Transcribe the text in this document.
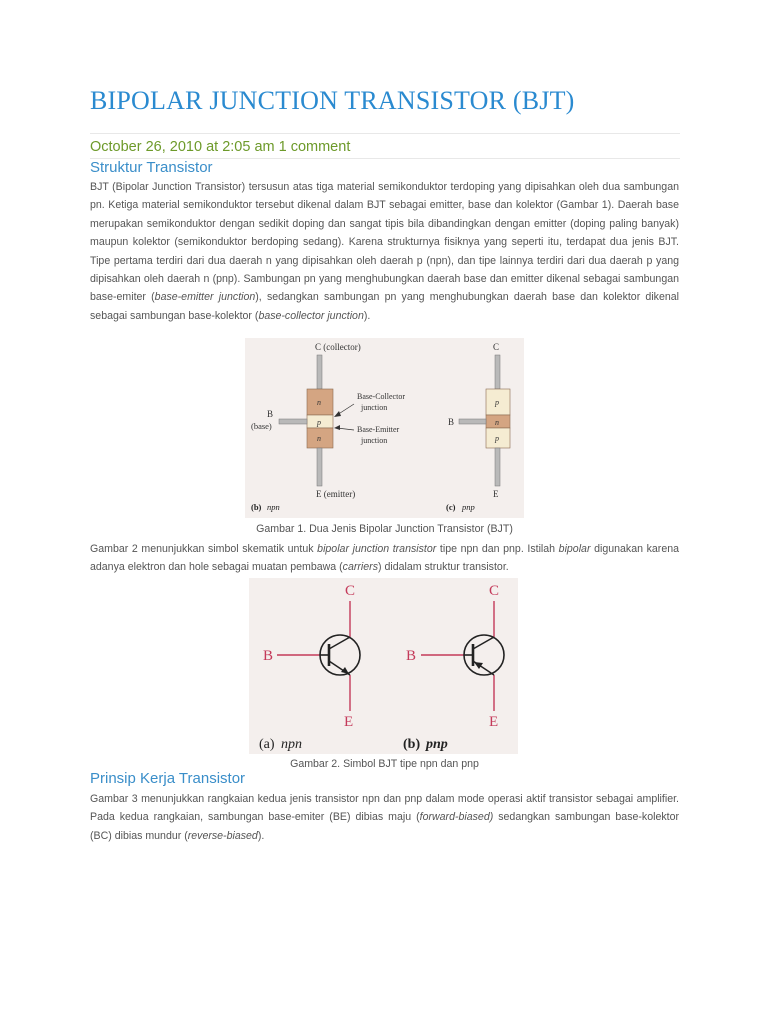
BIPOLAR JUNCTION TRANSISTOR (BJT)
October 26, 2010 at 2:05 am 1 comment
Struktur Transistor

BJT (Bipolar Junction Transistor) tersusun atas tiga material semikonduktor terdoping yang dipisahkan oleh dua sambungan pn. Ketiga material semikonduktor tersebut dikenal dalam BJT sebagai emitter, base dan kolektor (Gambar 1). Daerah base merupakan semikonduktor dengan sedikit doping dan sangat tipis bila dibandingkan dengan emitter (doping paling banyak) maupun kolektor (semikonduktor berdoping sedang). Karena strukturnya fisiknya yang seperti itu, terdapat dua jenis BJT. Tipe pertama terdiri dari dua daerah n yang dipisahkan oleh daerah p (npn), dan tipe lainnya terdiri dari dua daerah p yang dipisahkan oleh daerah n (pnp). Sambungan pn yang menghubungkan daerah base dan emitter dikenal sebagai sambungan base-emiter (base-emitter junction), sedangkan sambungan pn yang menghubungkan daerah base dan kolektor dikenal sebagai sambungan base-kolektor (base-collector junction).

C (collector)
n
p
n
B
(base)
Base-Collector
junction
Base-Emitter
junction
E (emitter)
(b) npn
C
p
n
p
B
E
(c) pnp
Gambar 1. Dua Jenis Bipolar Junction Transistor (BJT)

Gambar 2 menunjukkan simbol skematik untuk bipolar junction transistor tipe npn dan pnp. Istilah bipolar digunakan karena adanya elektron dan hole sebagai muatan pembawa (carriers) didalam struktur transistor.

C
B
E
(a) npn
C
B
E
(b) pnp
Gambar 2. Simbol BJT tipe npn dan pnp
Prinsip Kerja Transistor

Gambar 3 menunjukkan rangkaian kedua jenis transistor npn dan pnp dalam mode operasi aktif transistor sebagai amplifier. Pada kedua rangkaian, sambungan base-emiter (BE) dibias maju (forward-biased) sedangkan sambungan base-kolektor (BC) dibias mundur (reverse-biased).
